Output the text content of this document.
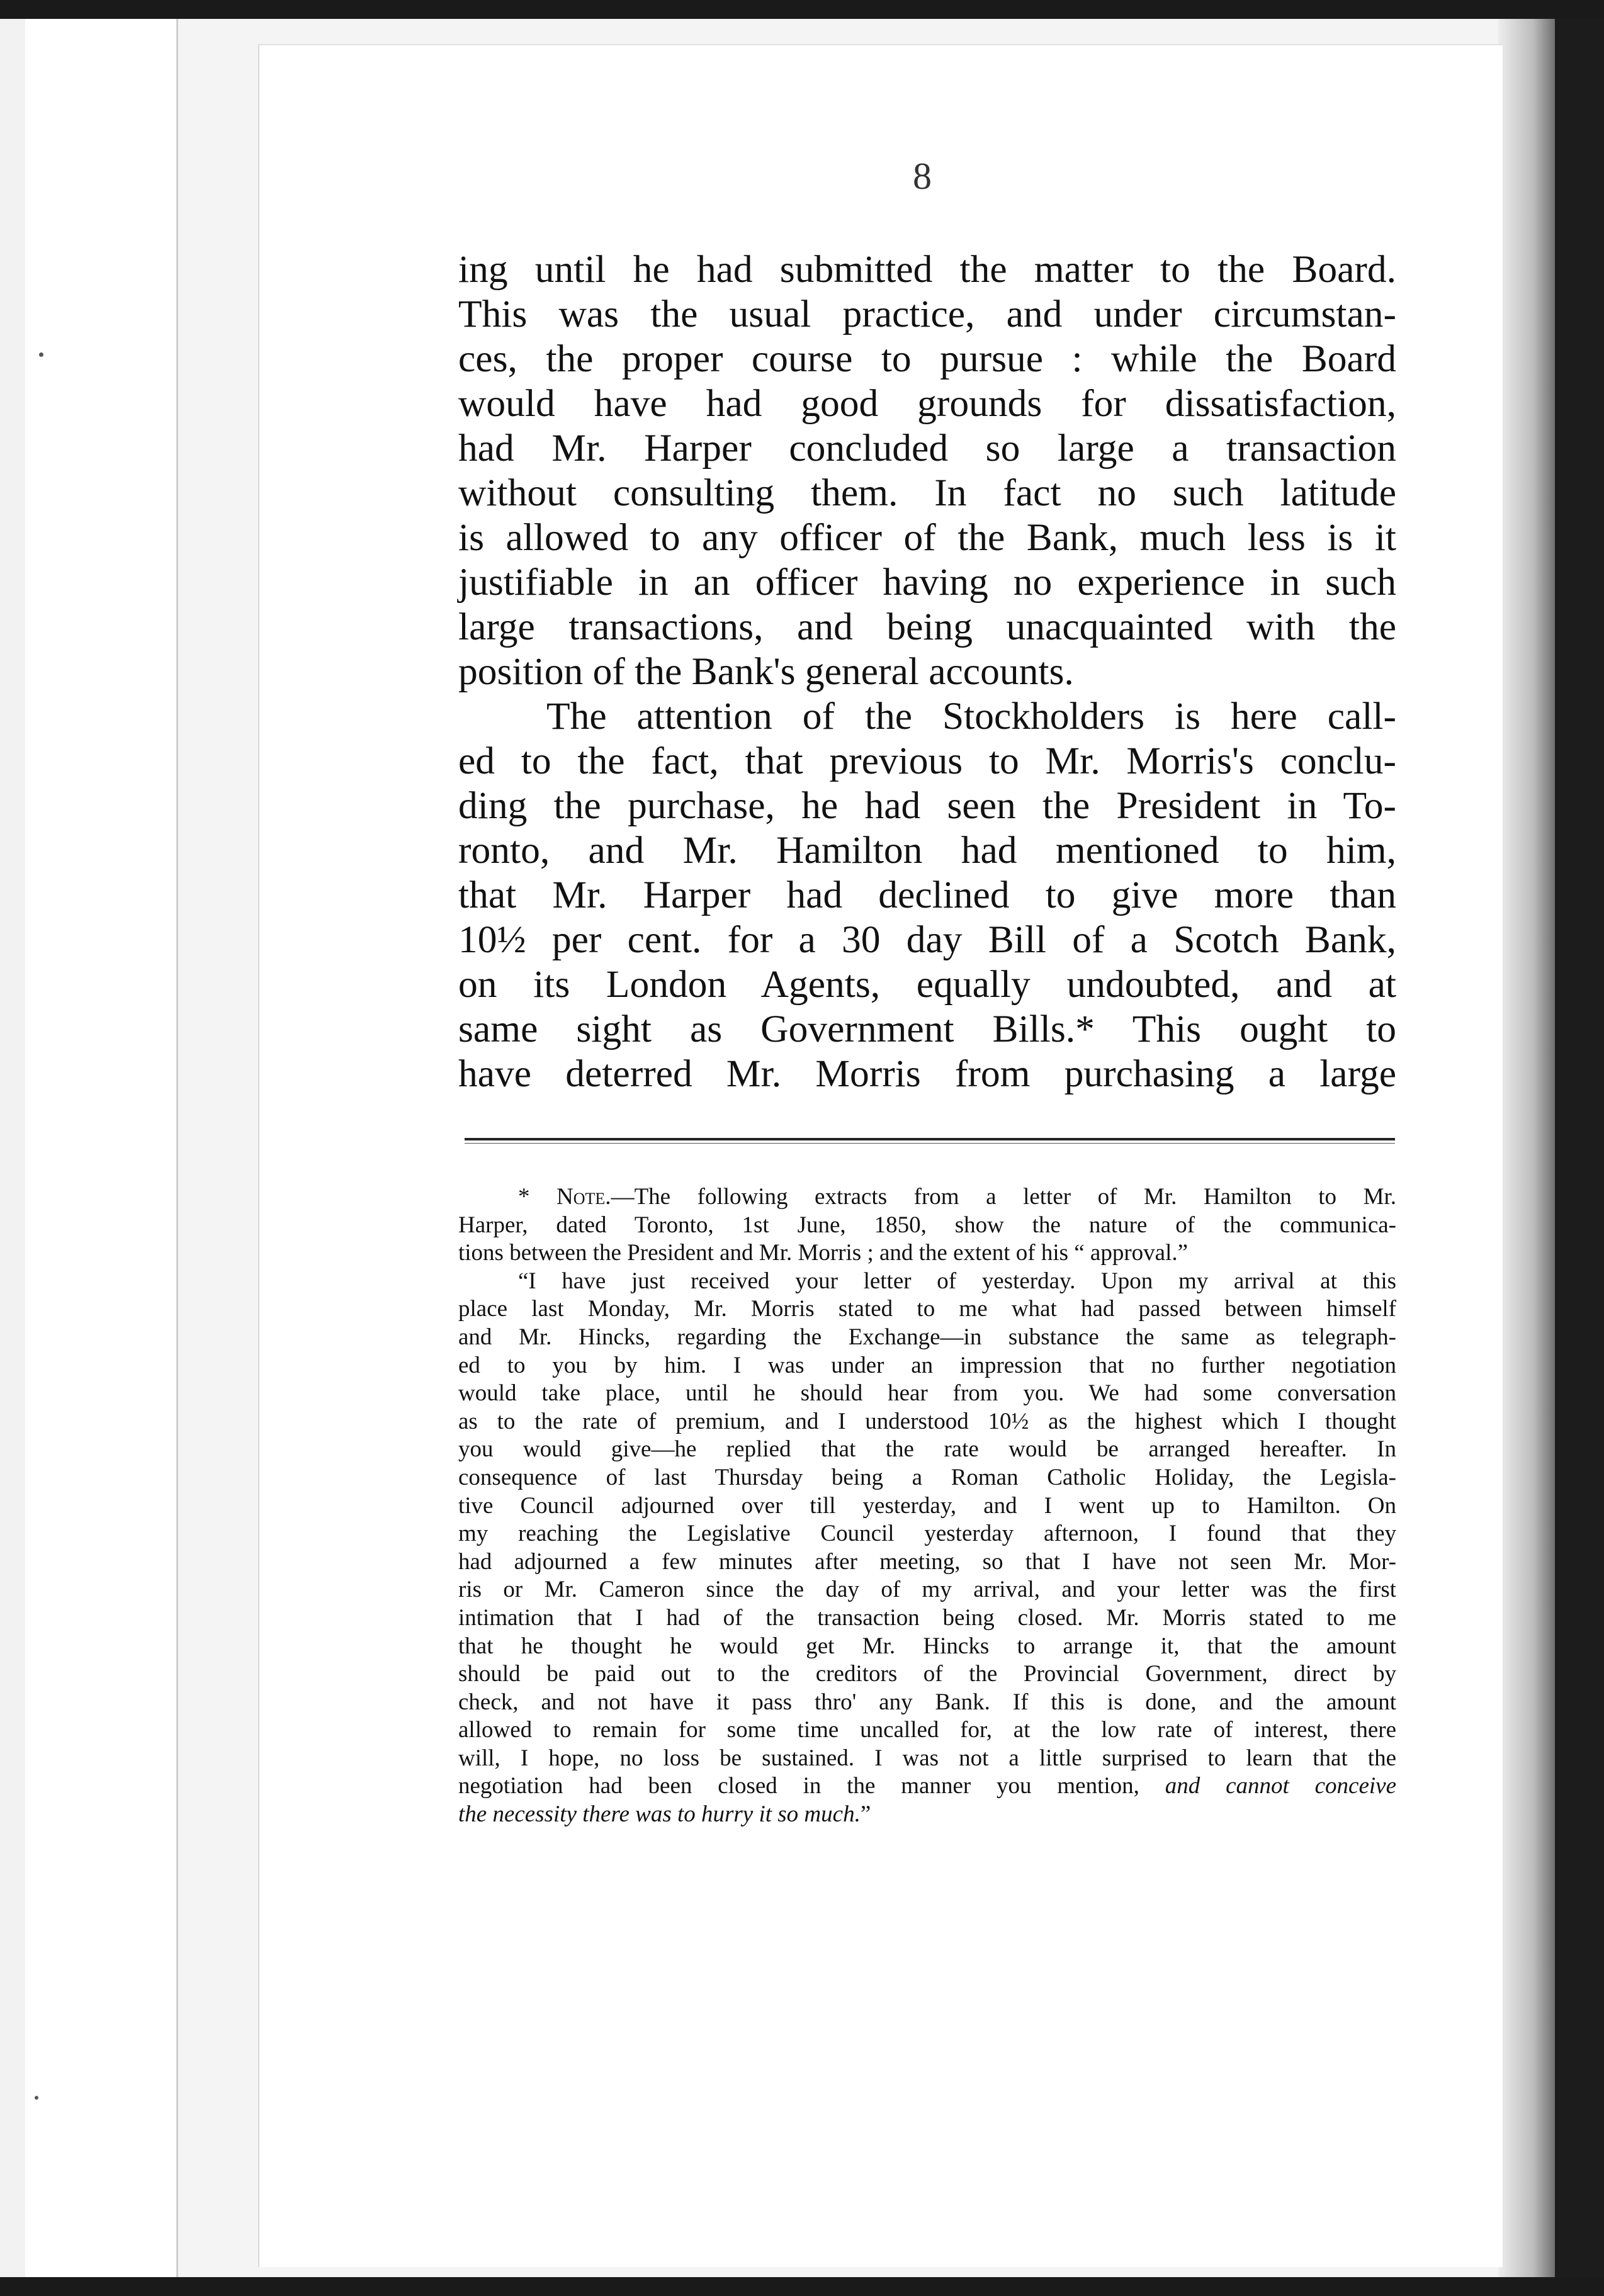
8
ing until he had submitted the matter to the Board.
This was the usual practice, and under circumstan-
ces, the proper course to pursue : while the Board
would have had good grounds for dissatisfaction,
had Mr. Harper concluded so large a transaction
without consulting them. In fact no such latitude
is allowed to any officer of the Bank, much less is it
justifiable in an officer having no experience in such
large transactions, and being unacquainted with the
position of the Bank's general accounts.
The attention of the Stockholders is here call-
ed to the fact, that previous to Mr. Morris's conclu-
ding the purchase, he had seen the President in To-
ronto, and Mr. Hamilton had mentioned to him,
that Mr. Harper had declined to give more than
10½ per cent. for a 30 day Bill of a Scotch Bank,
on its London Agents, equally undoubted, and at
same sight as Government Bills.* This ought to
have deterred Mr. Morris from purchasing a large
* Note.—The following extracts from a letter of Mr. Hamilton to Mr.
Harper, dated Toronto, 1st June, 1850, show the nature of the communica-
tions between the President and Mr. Morris ; and the extent of his “ approval.”
“I have just received your letter of yesterday. Upon my arrival at this
place last Monday, Mr. Morris stated to me what had passed between himself
and Mr. Hincks, regarding the Exchange—in substance the same as telegraph-
ed to you by him. I was under an impression that no further negotiation
would take place, until he should hear from you. We had some conversation
as to the rate of premium, and I understood 10½ as the highest which I thought
you would give—he replied that the rate would be arranged hereafter. In
consequence of last Thursday being a Roman Catholic Holiday, the Legisla-
tive Council adjourned over till yesterday, and I went up to Hamilton. On
my reaching the Legislative Council yesterday afternoon, I found that they
had adjourned a few minutes after meeting, so that I have not seen Mr. Mor-
ris or Mr. Cameron since the day of my arrival, and your letter was the first
intimation that I had of the transaction being closed. Mr. Morris stated to me
that he thought he would get Mr. Hincks to arrange it, that the amount
should be paid out to the creditors of the Provincial Government, direct by
check, and not have it pass thro' any Bank. If this is done, and the amount
allowed to remain for some time uncalled for, at the low rate of interest, there
will, I hope, no loss be sustained. I was not a little surprised to learn that the
negotiation had been closed in the manner you mention, and cannot conceive
the necessity there was to hurry it so much.”
